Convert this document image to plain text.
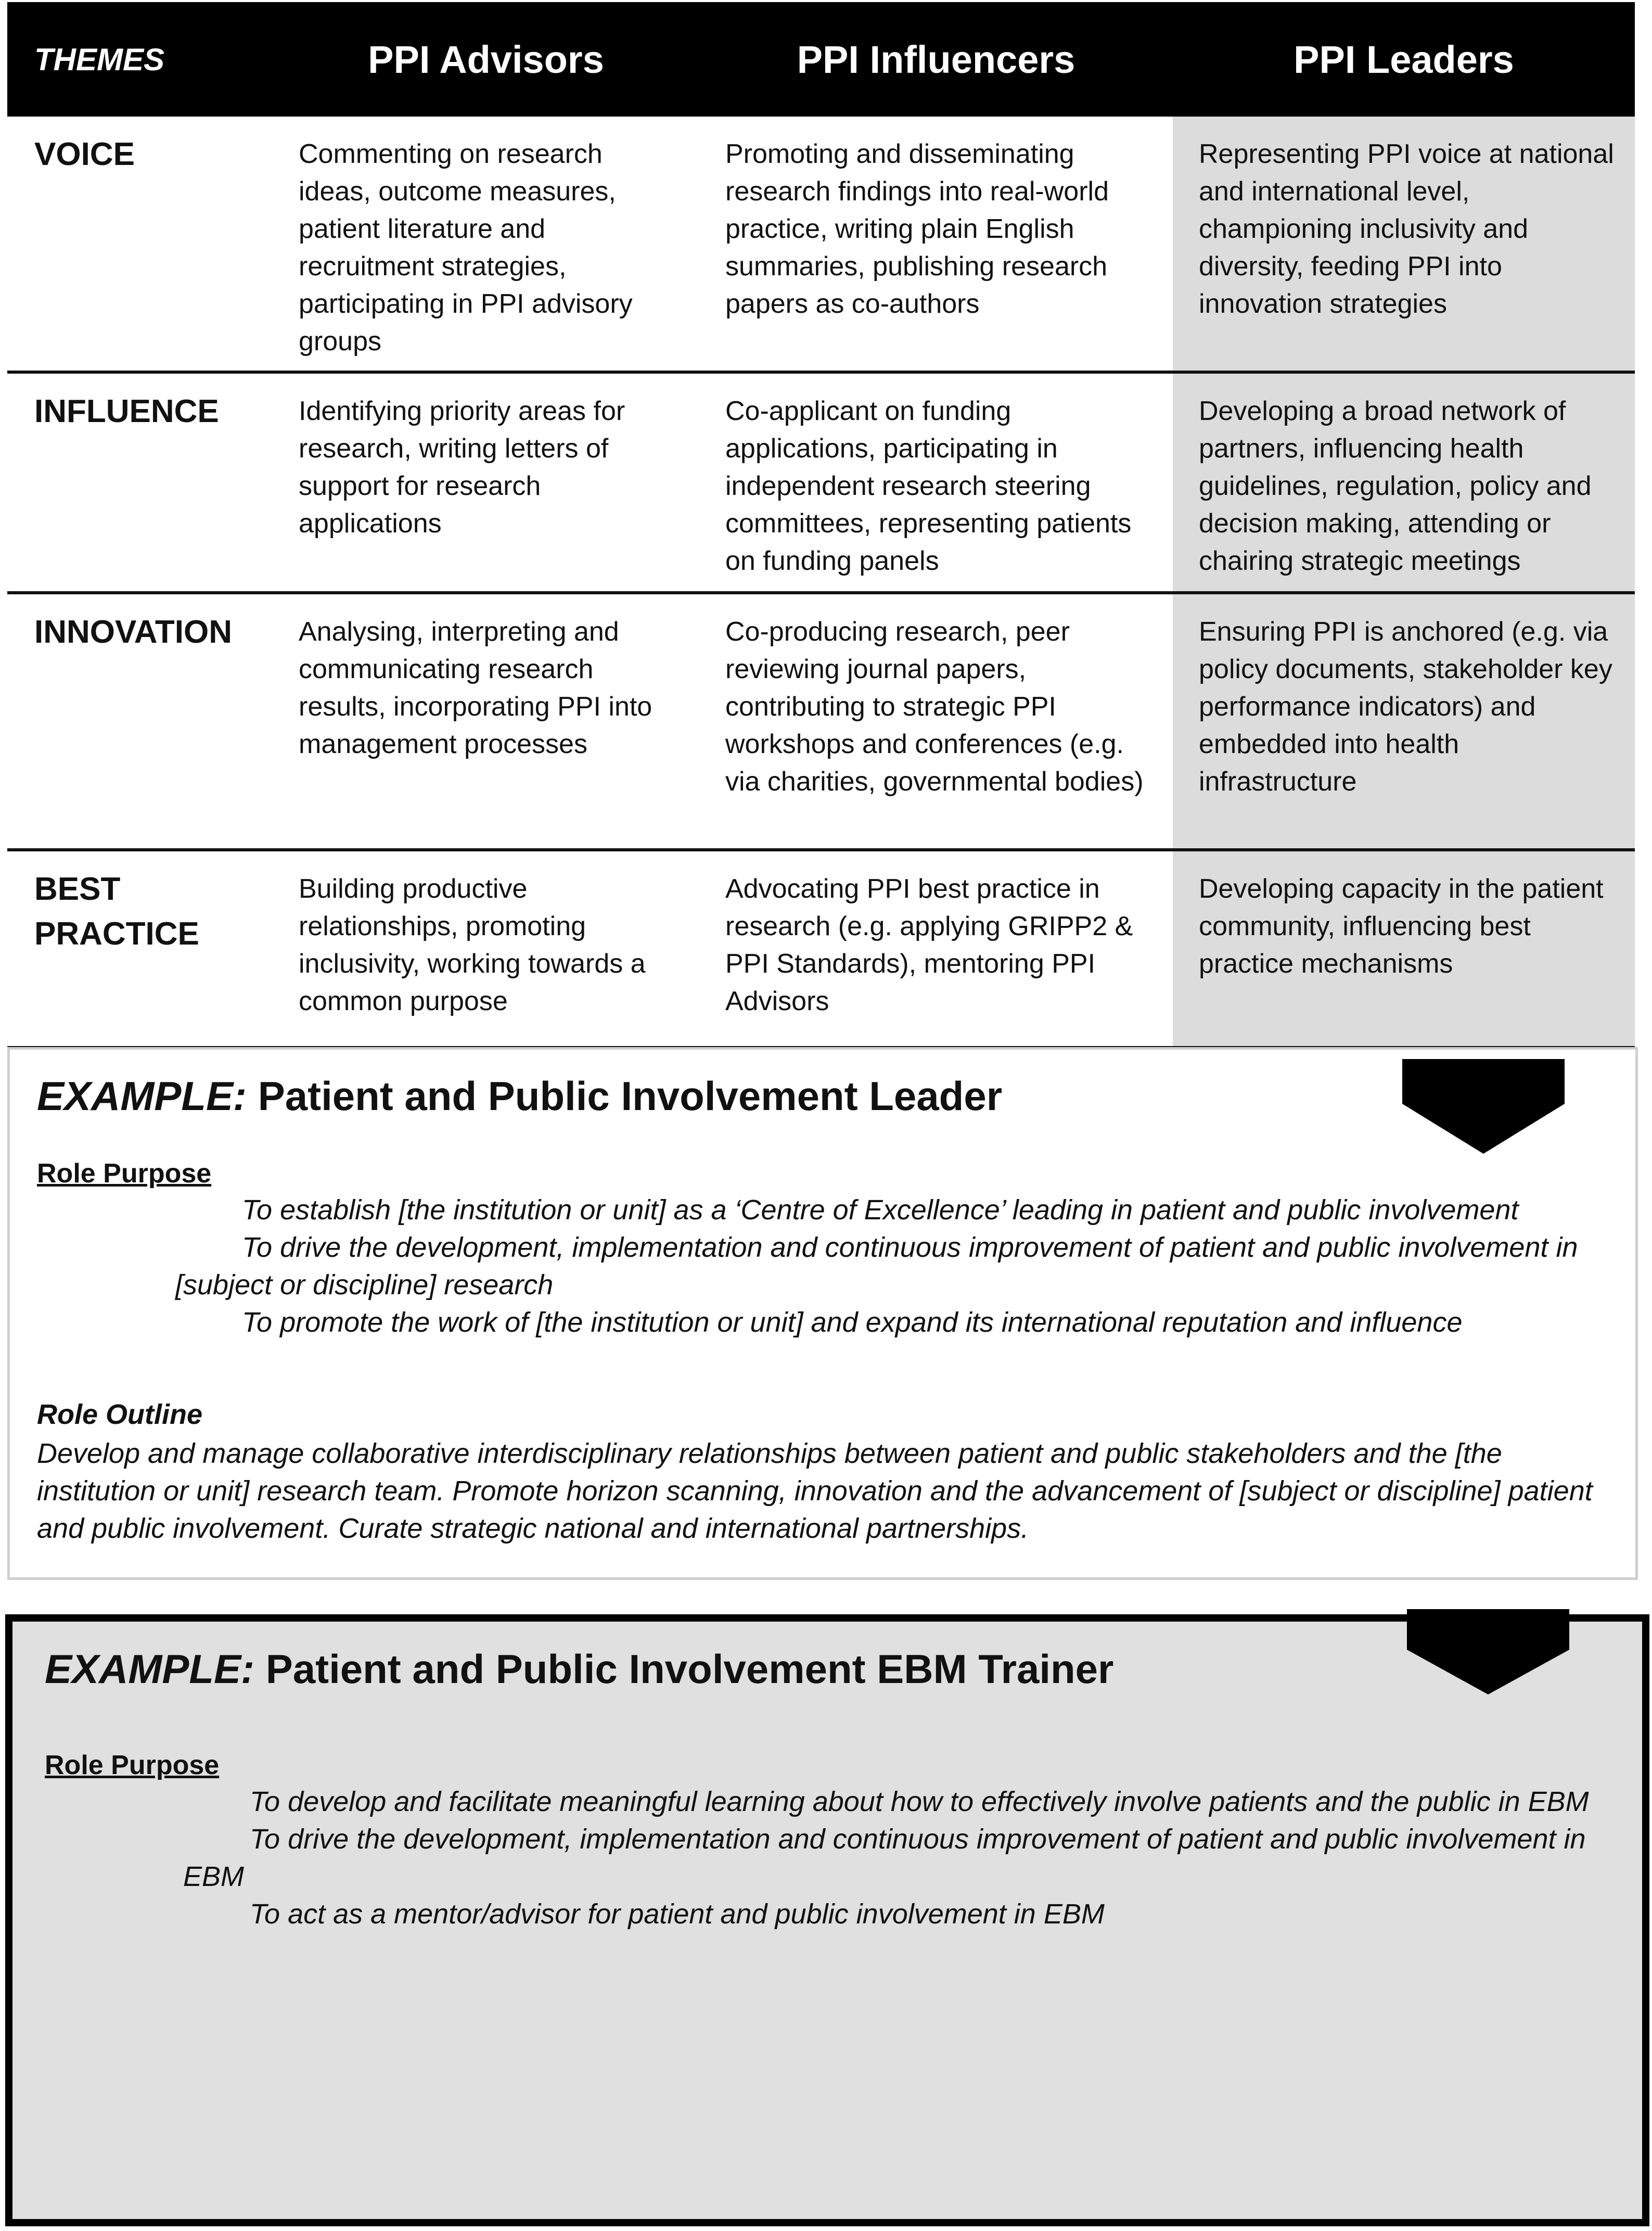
THEMES	PPI Advisors	PPI Influencers	PPI Leaders
VOICE	Commenting on research ideas, outcome measures, patient literature and recruitment strategies, participating in PPI advisory groups	Promoting and disseminating research findings into real-world practice, writing plain English summaries, publishing research papers as co-authors	Representing PPI voice at national and international level, championing inclusivity and diversity, feeding PPI into innovation strategies
INFLUENCE	Identifying priority areas for research, writing letters of support for research applications	Co-applicant on funding applications, participating in independent research steering committees, representing patients on funding panels	Developing a broad network of partners, influencing health guidelines, regulation, policy and decision making, attending or chairing strategic meetings
INNOVATION	Analysing, interpreting and communicating research results, incorporating PPI into management processes	Co-producing research, peer reviewing journal papers, contributing to strategic PPI workshops and conferences (e.g. via charities, governmental bodies)	Ensuring PPI is anchored (e.g. via policy documents, stakeholder key performance indicators) and embedded into health infrastructure
BEST PRACTICE	Building productive relationships, promoting inclusivity, working towards a common purpose	Advocating PPI best practice in research (e.g. applying GRIPP2 & PPI Standards), mentoring PPI Advisors	Developing capacity in the patient community, influencing best practice mechanisms
EXAMPLE: Patient and Public Involvement Leader
Role Purpose
To establish [the institution or unit] as a ‘Centre of Excellence’ leading in patient and public involvement
To drive the development, implementation and continuous improvement of patient and public involvement in
[subject or discipline] research
To promote the work of [the institution or unit] and expand its international reputation and influence
Role Outline
Develop and manage collaborative interdisciplinary relationships between patient and public stakeholders and the [the institution or unit] research team. Promote horizon scanning, innovation and the advancement of [subject or discipline] patient and public involvement. Curate strategic national and international partnerships.
EXAMPLE: Patient and Public Involvement EBM Trainer
Role Purpose
To develop and facilitate meaningful learning about how to effectively involve patients and the public in EBM
To drive the development, implementation and continuous improvement of patient and public involvement in
EBM
To act as a mentor/advisor for patient and public involvement in EBM
